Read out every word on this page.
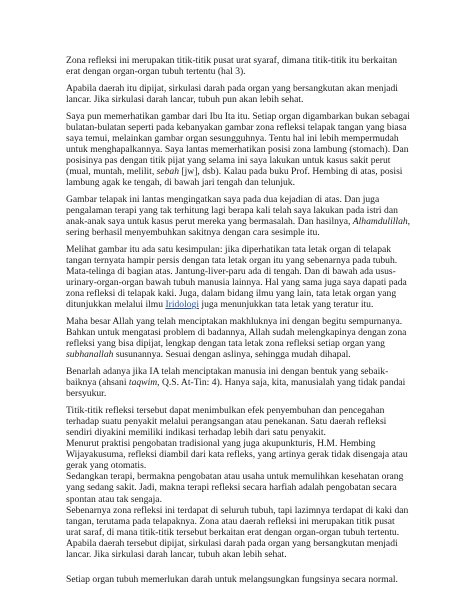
Zona refleksi ini merupakan titik-titik pusat urat syaraf, dimana titik-titik itu berkaitan
erat dengan organ-organ tubuh tertentu (hal 3).
Apabila daerah itu dipijat, sirkulasi darah pada organ yang bersangkutan akan menjadi
lancar. Jika sirkulasi darah lancar, tubuh pun akan lebih sehat.
Saya pun memerhatikan gambar dari Ibu Ita itu. Setiap organ digambarkan bukan sebagai
bulatan-bulatan seperti pada kebanyakan gambar zona refleksi telapak tangan yang biasa
saya temui, melainkan gambar organ sesungguhnya. Tentu hal ini lebih mempermudah
untuk menghapalkannya. Saya lantas memerhatikan posisi zona lambung (stomach). Dan
posisinya pas dengan titik pijat yang selama ini saya lakukan untuk kasus sakit perut
(mual, muntah, melilit, sebah [jw], dsb). Kalau pada buku Prof. Hembing di atas, posisi
lambung agak ke tengah, di bawah jari tengah dan telunjuk.
Gambar telapak ini lantas mengingatkan saya pada dua kejadian di atas. Dan juga
pengalaman terapi yang tak terhitung lagi berapa kali telah saya lakukan pada istri dan
anak-anak saya untuk kasus perut mereka yang bermasalah. Dan hasilnya, Alhamdulillah,
sering berhasil menyembuhkan sakitnya dengan cara sesimple itu.
Melihat gambar itu ada satu kesimpulan: jika diperhatikan tata letak organ di telapak
tangan ternyata hampir persis dengan tata letak organ itu yang sebenarnya pada tubuh.
Mata-telinga di bagian atas. Jantung-liver-paru ada di tengah. Dan di bawah ada usus-
urinary-organ-organ bawah tubuh manusia lainnya. Hal yang sama juga saya dapati pada
zona refleksi di telapak kaki. Juga, dalam bidang ilmu yang lain, tata letak organ yang
ditunjukkan melalui ilmu Iridologi juga menunjukkan tata letak yang teratur itu.
Maha besar Allah yang telah menciptakan makhluknya ini dengan begitu sempurnanya.
Bahkan untuk mengatasi problem di badannya, Allah sudah melengkapinya dengan zona
refleksi yang bisa dipijat, lengkap dengan tata letak zona refleksi setiap organ yang
subhanallah susunannya. Sesuai dengan aslinya, sehingga mudah dihapal.
Benarlah adanya jika IA telah menciptakan manusia ini dengan bentuk yang sebaik-
baiknya (ahsani taqwim, Q.S. At-Tin: 4). Hanya saja, kita, manusialah yang tidak pandai
bersyukur.
Titik-titik refleksi tersebut dapat menimbulkan efek penyembuhan dan pencegahan
terhadap suatu penyakit melalui perangsangan atau penekanan. Satu daerah refleksi
sendiri diyakini memiliki indikasi terhadap lebih dari satu penyakit.
Menurut praktisi pengobatan tradisional yang juga akupunkturis, H.M. Hembing
Wijayakusuma, refleksi diambil dari kata refleks, yang artinya gerak tidak disengaja atau
gerak yang otomatis.
Sedangkan terapi, bermakna pengobatan atau usaha untuk memulihkan kesehatan orang
yang sedang sakit. Jadi, makna terapi refleksi secara harfiah adalah pengobatan secara
spontan atau tak sengaja.
Sebenarnya zona refleksi ini terdapat di seluruh tubuh, tapi lazimnya terdapat di kaki dan
tangan, terutama pada telapaknya. Zona atau daerah refleksi ini merupakan titik pusat
urat saraf, di mana titik-titik tersebut berkaitan erat dengan organ-organ tubuh tertentu.
Apabila daerah tersebut dipijat, sirkulasi darah pada organ yang bersangkutan menjadi
lancar. Jika sirkulasi darah lancar, tubuh akan lebih sehat.
Setiap organ tubuh memerlukan darah untuk melangsungkan fungsinya secara normal.
